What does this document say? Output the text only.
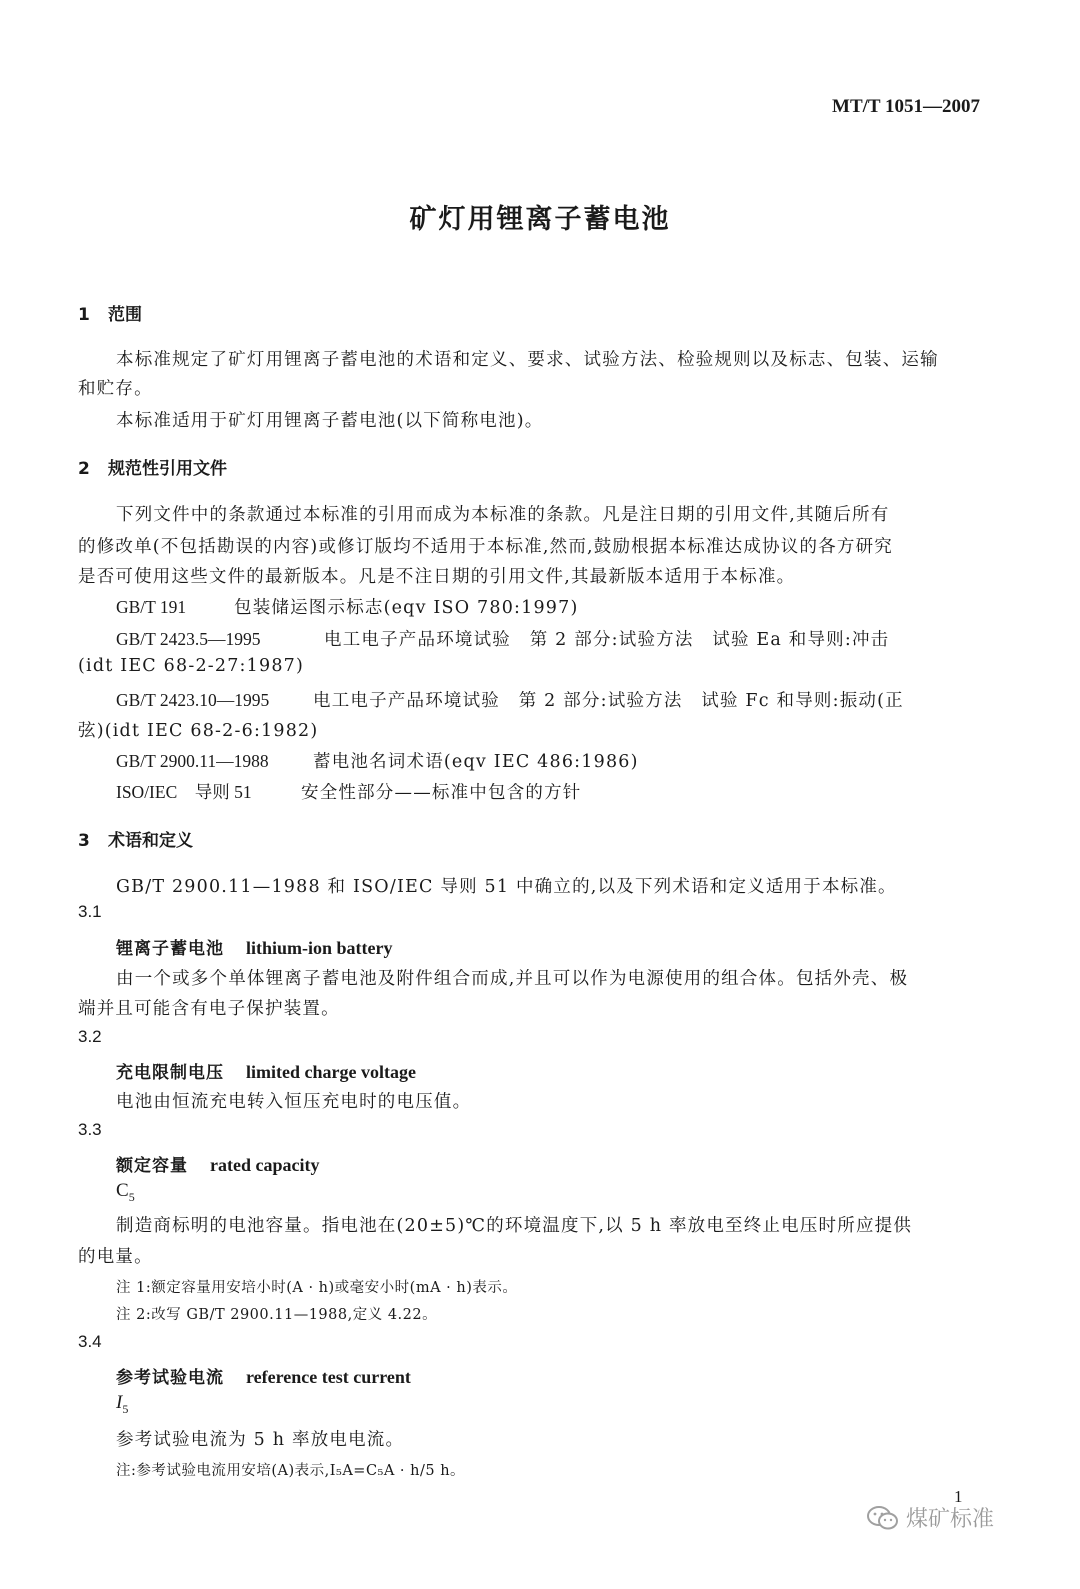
MT/T 1051—2007
矿灯用锂离子蓄电池
1 范围
本标准规定了矿灯用锂离子蓄电池的术语和定义、要求、试验方法、检验规则以及标志、包装、运输
和贮存。
本标准适用于矿灯用锂离子蓄电池(以下简称电池)。
2 规范性引用文件
下列文件中的条款通过本标准的引用而成为本标准的条款。凡是注日期的引用文件,其随后所有
的修改单(不包括勘误的内容)或修订版均不适用于本标准,然而,鼓励根据本标准达成协议的各方研究
是否可使用这些文件的最新版本。凡是不注日期的引用文件,其最新版本适用于本标准。
GB/T 191	包装储运图示标志(eqv ISO 780:1997)
GB/T 2423.5—1995	电工电子产品环境试验　第 2 部分:试验方法　试验 Ea 和导则:冲击
(idt IEC 68-2-27:1987)
GB/T 2423.10—1995 电工电子产品环境试验　第 2 部分:试验方法　试验 Fc 和导则:振动(正
弦)(idt IEC 68-2-6:1982)
GB/T 2900.11—1988	蓄电池名词术语(eqv IEC 486:1986)
ISO/IEC　导则 51	安全性部分——标准中包含的方针
3 术语和定义
GB/T 2900.11—1988 和 ISO/IEC 导则 51 中确立的,以及下列术语和定义适用于本标准。
3.1
锂离子蓄电池 lithium-ion battery
由一个或多个单体锂离子蓄电池及附件组合而成,并且可以作为电源使用的组合体。包括外壳、极
端并且可能含有电子保护装置。
3.2
充电限制电压 limited charge voltage
电池由恒流充电转入恒压充电时的电压值。
3.3
额定容量 rated capacity
$C_5$
制造商标明的电池容量。指电池在(20±5)℃的环境温度下,以 5 h 率放电至终止电压时所应提供
的电量。
注 1:额定容量用安培小时(A · h)或毫安小时(mA · h)表示。
注 2:改写 GB/T 2900.11—1988,定义 4.22。
3.4
参考试验电流 reference test current
$I_5$
参考试验电流为 5 h 率放电电流。
注:参考试验电流用安培(A)表示,I₅A=C₅A · h/5 h。
1
煤矿标准
